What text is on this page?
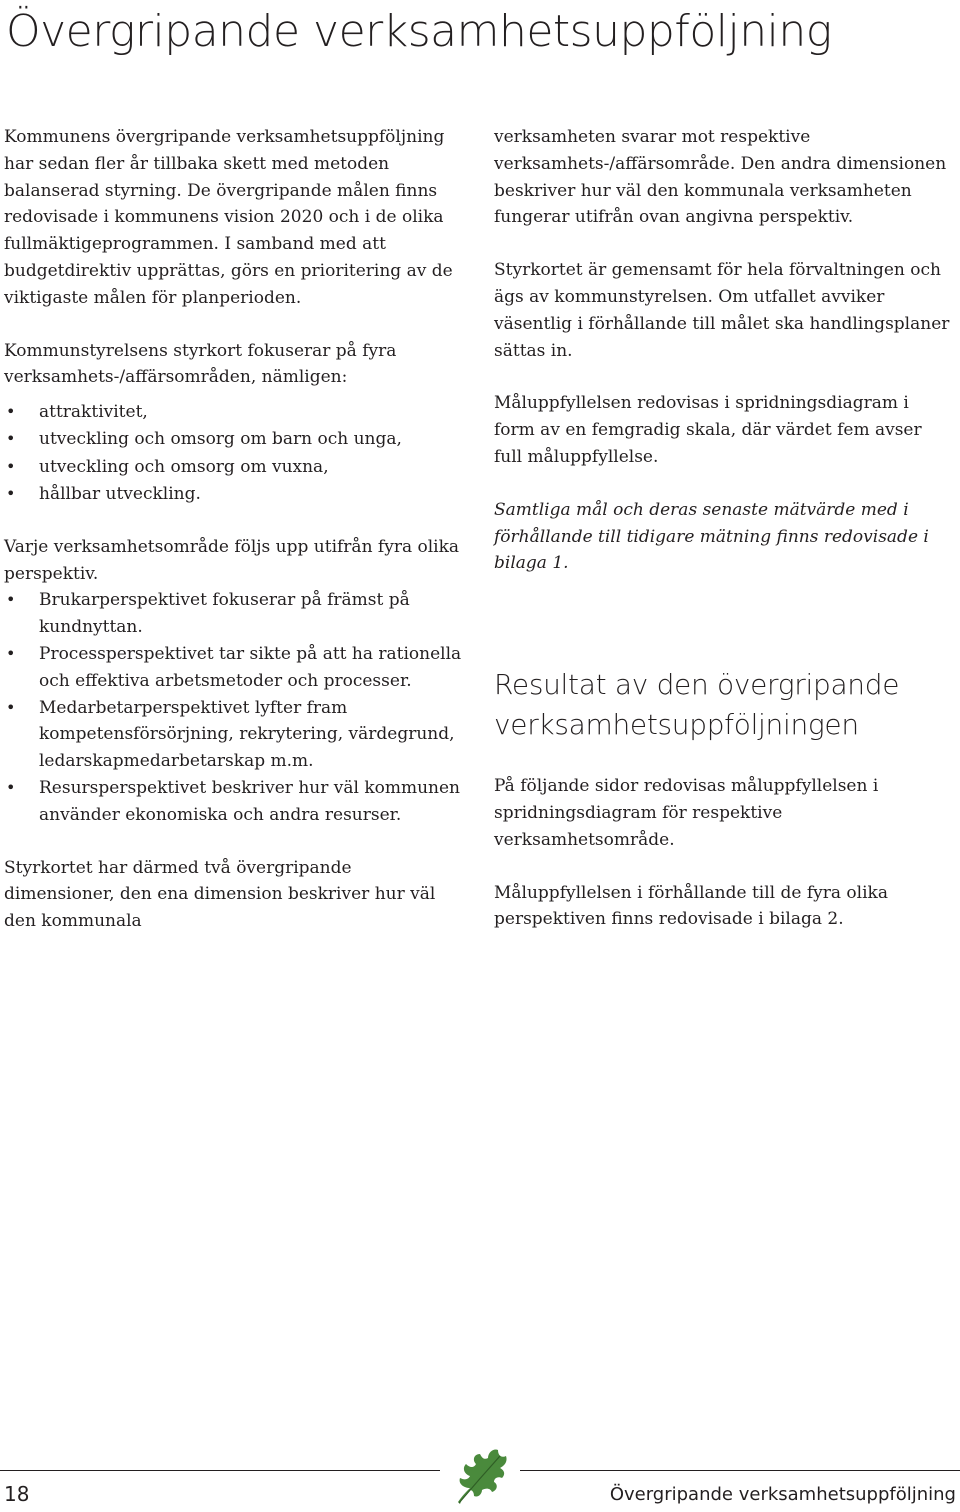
Övergripande verksamhetsuppföljning

Kommunens övergripande verksamhetsuppföljning har sedan fler år tillbaka skett med metoden balanserad styrning. De övergripande målen finns redovisade i kommunens vision 2020 och i de olika fullmäktigeprogrammen. I samband med att budgetdirektiv upprättas, görs en prioritering av de viktigaste målen för planperioden.

Kommunstyrelsens styrkort fokuserar på fyra verksamhets-/affärsområden, nämligen:

• attraktivitet,
• utveckling och omsorg om barn och unga,
• utveckling och omsorg om vuxna,
• hållbar utveckling.

Varje verksamhetsområde följs upp utifrån fyra olika perspektiv.

• Brukarperspektivet fokuserar på främst på kundnyttan.
• Processperspektivet tar sikte på att ha rationella och effektiva arbetsmetoder och processer.
• Medarbetarperspektivet lyfter fram kompetensförsörjning, rekrytering, värdegrund, ledarskapmedarbetarskap m.m.
• Resursperspektivet beskriver hur väl kommunen använder ekonomiska och andra resurser.

Styrkortet har därmed två övergripande dimensioner, den ena dimension beskriver hur väl den kommunala

verksamheten svarar mot respektive verksamhets-/affärsområde. Den andra dimensionen beskriver hur väl den kommunala verksamheten fungerar utifrån ovan angivna perspektiv.

Styrkortet är gemensamt för hela förvaltningen och ägs av kommunstyrelsen. Om utfallet avviker väsentlig i förhållande till målet ska handlingsplaner sättas in.

Måluppfyllelsen redovisas i spridningsdiagram i form av en femgradig skala, där värdet fem avser full måluppfyllelse.

Samtliga mål och deras senaste mätvärde med i förhållande till tidigare mätning finns redovisade i bilaga 1.

Resultat av den övergripande verksamhetsuppföljningen

På följande sidor redovisas måluppfyllelsen i spridningsdiagram för respektive verksamhetsområde.

Måluppfyllelsen i förhållande till de fyra olika perspektiven finns redovisade i bilaga 2.

18	Övergripande verksamhetsuppföljning
